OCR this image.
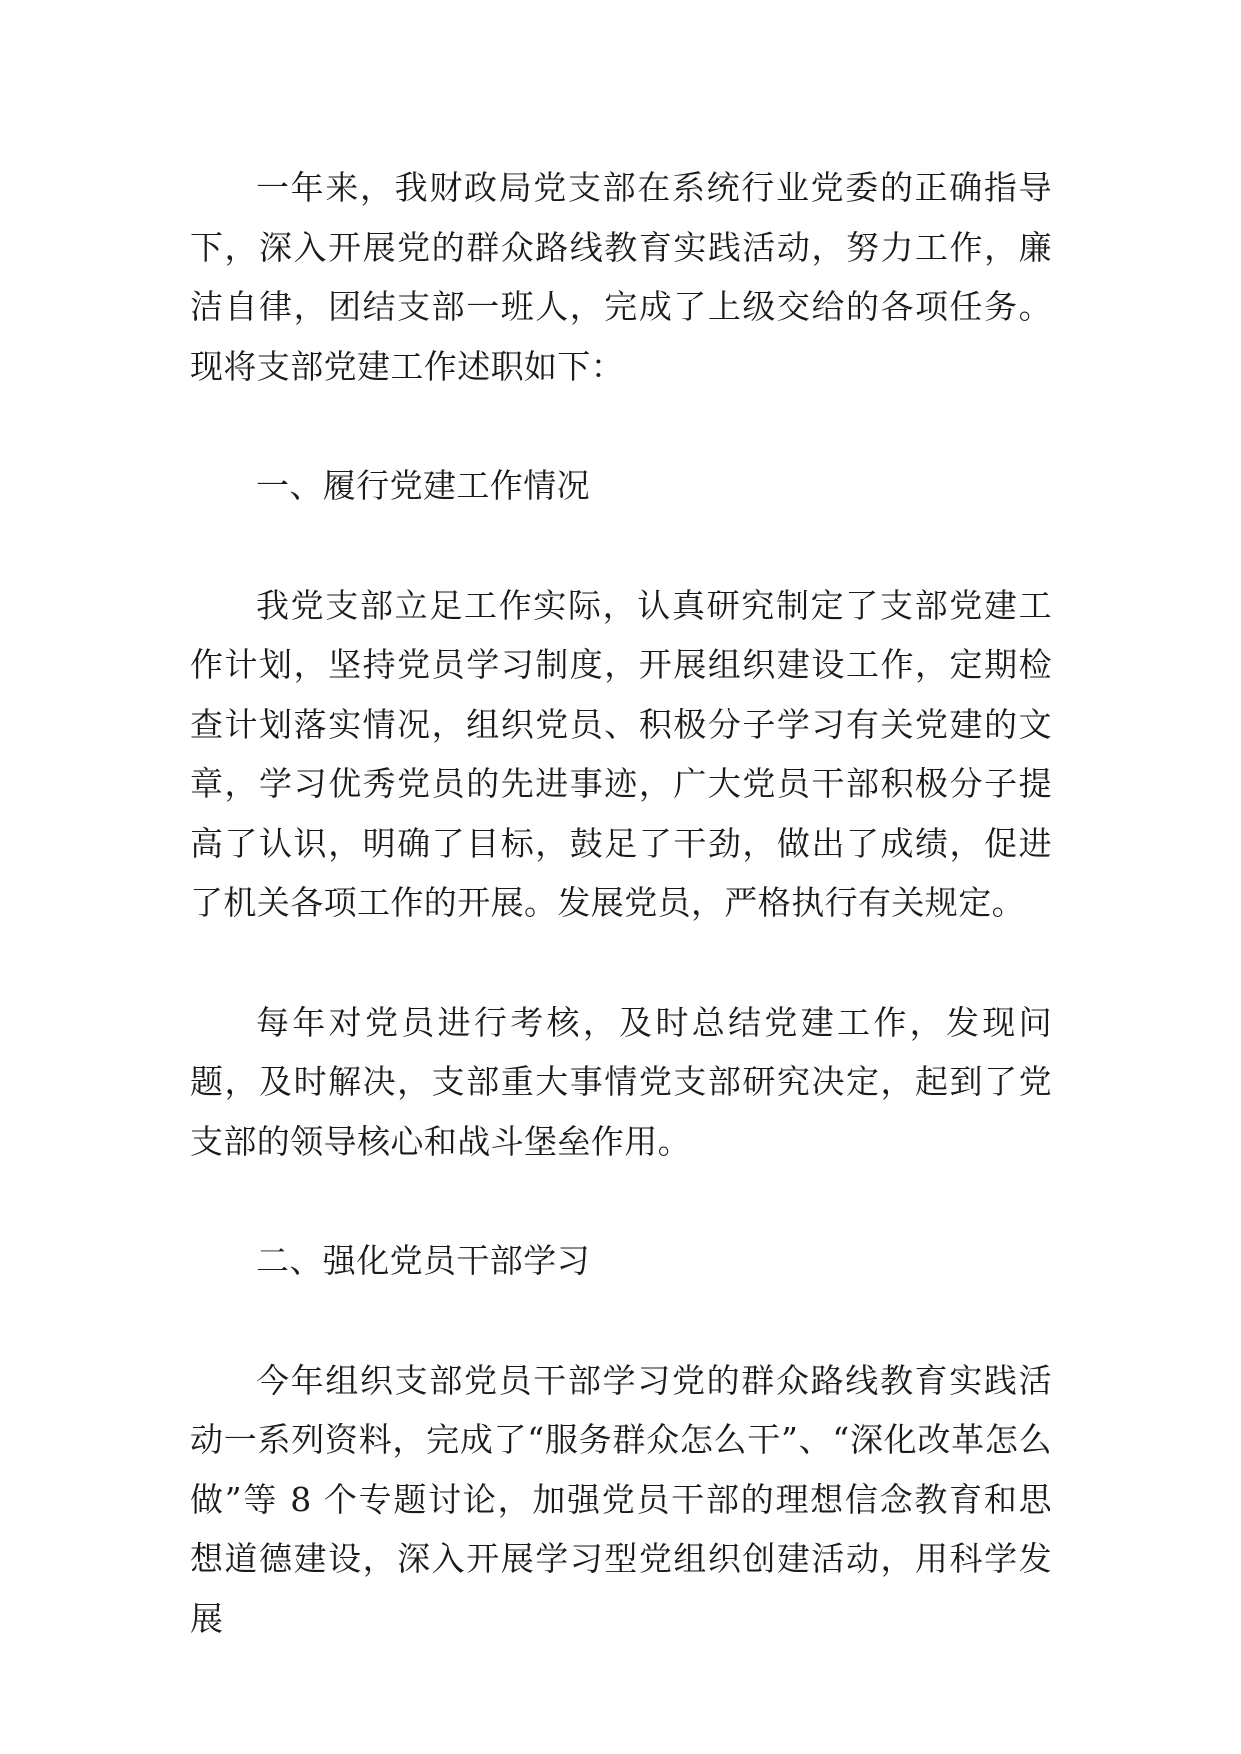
一年来，我财政局党支部在系统行业党委的正确指导下，深入开展党的群众路线教育实践活动，努力工作，廉洁自律，团结支部一班人，完成了上级交给的各项任务。现将支部党建工作述职如下：

一、履行党建工作情况

我党支部立足工作实际，认真研究制定了支部党建工作计划，坚持党员学习制度，开展组织建设工作，定期检查计划落实情况，组织党员、积极分子学习有关党建的文章，学习优秀党员的先进事迹，广大党员干部积极分子提高了认识，明确了目标，鼓足了干劲，做出了成绩，促进了机关各项工作的开展。发展党员，严格执行有关规定。

每年对党员进行考核，及时总结党建工作，发现问题，及时解决，支部重大事情党支部研究决定，起到了党支部的领导核心和战斗堡垒作用。

二、强化党员干部学习

今年组织支部党员干部学习党的群众路线教育实践活动一系列资料，完成了“服务群众怎么干”、“深化改革怎么做”等 8 个专题讨论，加强党员干部的理想信念教育和思想道德建设，深入开展学习型党组织创建活动，用科学发展
